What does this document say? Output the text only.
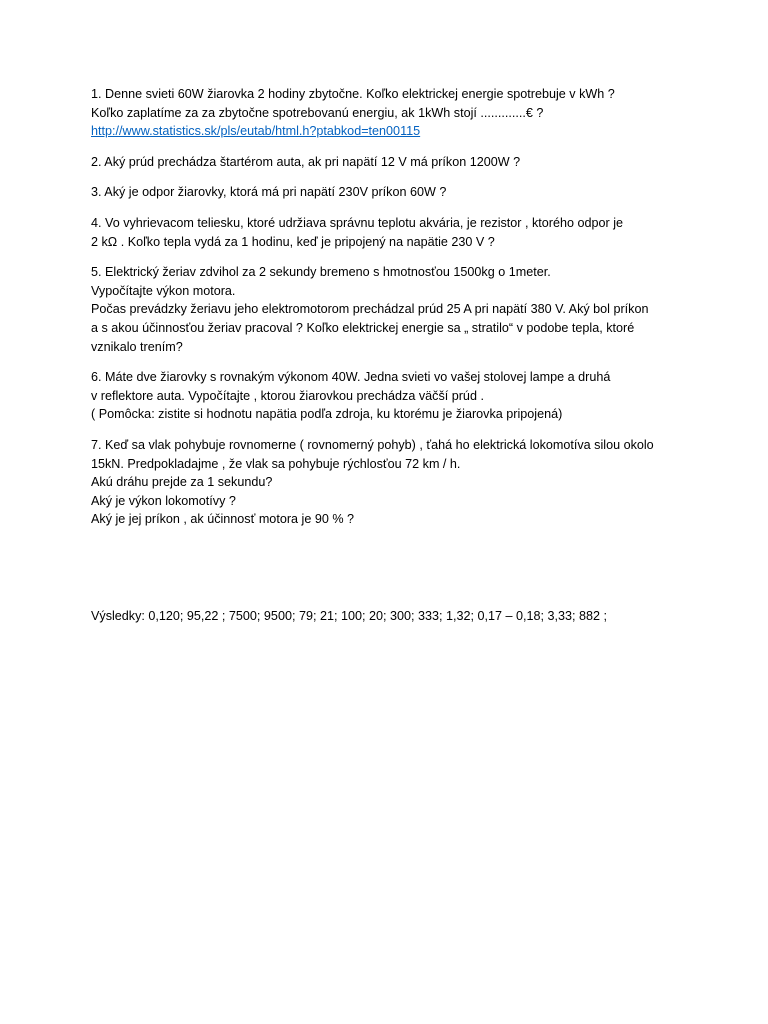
1. Denne svieti 60W žiarovka 2 hodiny zbytočne. Koľko elektrickej energie spotrebuje v kWh ?
Koľko zaplatíme za za zbytočne spotrebovanú energiu, ak 1kWh stojí .............€ ?
http://www.statistics.sk/pls/eutab/html.h?ptabkod=ten00115
2. Aký prúd prechádza štartérom auta, ak pri napätí 12 V má príkon 1200W ?
3. Aký je odpor žiarovky, ktorá má pri napätí 230V príkon 60W ?
4. Vo vyhrievacom teliesku, ktoré udržiava správnu teplotu akvária, je rezistor , ktorého odpor je
2 kΩ . Koľko tepla vydá za 1 hodinu, keď je pripojený na napätie 230 V ?
5. Elektrický žeriav zdvihol za 2 sekundy bremeno s hmotnosťou 1500kg o 1meter.
Vypočítajte výkon motora.
Počas prevádzky žeriavu jeho elektromotorom prechádzal prúd 25 A pri napätí 380 V. Aký bol príkon
a s akou účinnosťou žeriav pracoval ? Koľko elektrickej energie sa „ stratilo“ v podobe tepla, ktoré
vznikalo trením?
6. Máte dve žiarovky s rovnakým výkonom 40W. Jedna svieti vo vašej stolovej lampe a druhá
v reflektore auta. Vypočítajte , ktorou žiarovkou prechádza väčší prúd .
( Pomôcka: zistite si hodnotu napätia podľa zdroja, ku ktorému je žiarovka pripojená)
7. Keď sa vlak pohybuje rovnomerne ( rovnomerný pohyb) , ťahá ho elektrická lokomotíva silou okolo
15kN. Predpokladajme , že vlak sa pohybuje rýchlosťou 72 km / h.
Akú dráhu prejde za 1 sekundu?
Aký je výkon lokomotívy ?
Aký je jej príkon , ak účinnosť motora je 90 % ?
Výsledky: 0,120; 95,22 ; 7500; 9500; 79; 21; 100; 20; 300; 333; 1,32; 0,17 – 0,18; 3,33; 882 ;
